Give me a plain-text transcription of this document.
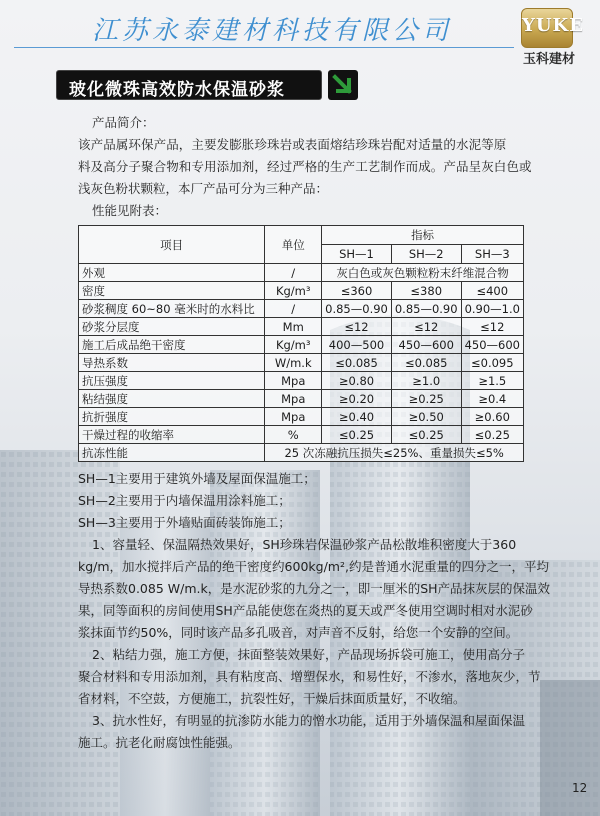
江苏永泰建材科技有限公司	YUKE
玉科建材
玻化微珠高效防水保温砂浆
产品简介：
该产品属环保产品，主要发膨胀珍珠岩或表面熔结珍珠岩配对适量的水泥等原
料及高分子聚合物和专用添加剂，经过严格的生产工艺制作而成。产品呈灰白色或
浅灰色粉状颗粒，本厂产品可分为三种产品：
性能见附表：
项目	单位	指标		
		SH—1	SH—2	SH—3
外观	/	灰白色或灰色颗粒粉末纤维混合物		
密度	Kg/m³	≤360	≤380	≤400
砂浆稠度 60~80 毫米时的水料比	/	0.85—0.90	0.85—0.90	0.90—1.0
砂浆分层度	Mm	≤12	≤12	≤12
施工后成品绝干密度	Kg/m³	400—500	450—600	450—600
导热系数	W/m.k	≤0.085	≤0.085	≤0.095
抗压强度	Mpa	≥0.80	≥1.0	≥1.5
粘结强度	Mpa	≥0.20	≥0.25	≥0.4
抗折强度	Mpa	≥0.40	≥0.50	≥0.60
干燥过程的收缩率	%	≤0.25	≤0.25	≤0.25
抗冻性能	25 次冻融抗压损失≤25%、重量损失≤5%			
SH—1主要用于建筑外墙及屋面保温施工；
SH—2主要用于内墙保温用涂料施工；
SH—3主要用于外墙贴面砖装饰施工；
1、容量轻、保温隔热效果好，SH珍珠岩保温砂浆产品松散堆积密度大于360
kg/m，加水搅拌后产品的绝干密度约600kg/m²,约是普通水泥重量的四分之一，平均
导热系数0.085 W/m.k，是水泥砂浆的九分之一，即一厘米的SH产品抹灰层的保温效
果，同等面积的房间使用SH产品能使您在炎热的夏天或严冬使用空调时相对水泥砂
浆抹面节约50%，同时该产品多孔吸音，对声音不反射，给您一个安静的空间。
2、粘结力强，施工方便，抹面整装效果好，产品现场拆袋可施工，使用高分子
聚合材料和专用添加剂，具有粘度高、增塑保水，和易性好，不渗水，落地灰少，节
省材料，不空鼓，方便施工，抗裂性好，干燥后抹面质量好，不收缩。
3、抗水性好，有明显的抗渗防水能力的憎水功能，适用于外墙保温和屋面保温
施工。抗老化耐腐蚀性能强。
12
